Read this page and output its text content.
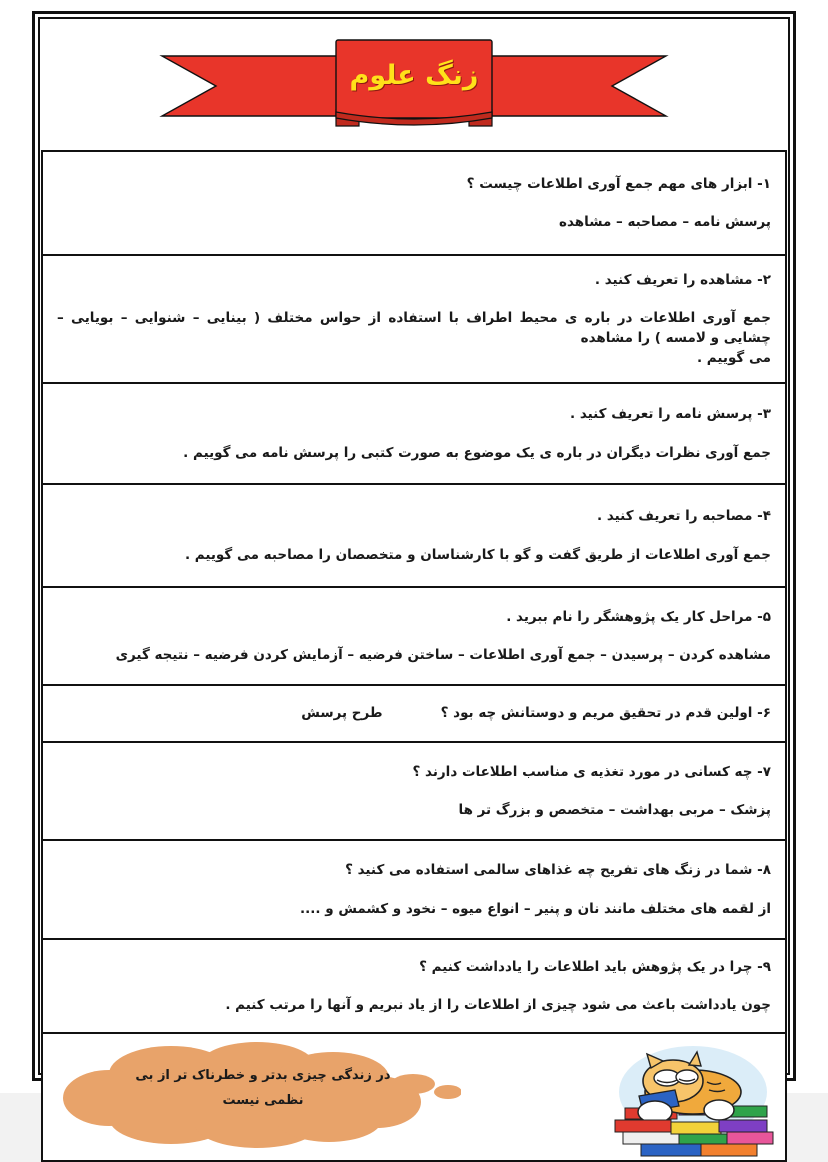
زنگ علوم
۱- ابزار های مهم جمع آوری اطلاعات چیست ؟
پرسش نامه – مصاحبه – مشاهده
۲- مشاهده را تعریف کنید .
جمع آوری اطلاعات در باره ی محیط اطراف با استفاده از حواس مختلف ( بینایی – شنوایی – بویایی – چشایی و لامسه ) را مشاهده
می گوییم .
۳- پرسش نامه را تعریف کنید .
جمع آوری نظرات دیگران در باره ی یک موضوع به صورت کتبی را پرسش نامه می گوییم .
۴- مصاحبه را تعریف کنید .
جمع آوری اطلاعات از طریق گفت و گو با کارشناسان و متخصصان را مصاحبه می گوییم .
۵- مراحل کار یک پژوهشگر را نام ببرید .
مشاهده کردن – پرسیدن – جمع آوری اطلاعات – ساختن فرضیه – آزمایش کردن فرضیه – نتیجه گیری
۶- اولین قدم در تحقیق مریم و دوستانش چه بود ؟
طرح پرسش
۷- چه کسانی در مورد تغذیه ی مناسب اطلاعات دارند ؟
پزشک – مربی بهداشت – متخصص و بزرگ تر ها
۸- شما در زنگ های تفریح چه غذاهای سالمی استفاده می کنید ؟
از لقمه های مختلف مانند نان و پنیر – انواع میوه – نخود و کشمش و ....
۹- چرا در یک پژوهش باید اطلاعات را یادداشت کنیم ؟
چون یادداشت باعث می شود چیزی از اطلاعات را از یاد نبریم و آنها را مرتب کنیم .
در زندگی چیزی بدتر و خطرناک تر از بی
نظمی نیست
